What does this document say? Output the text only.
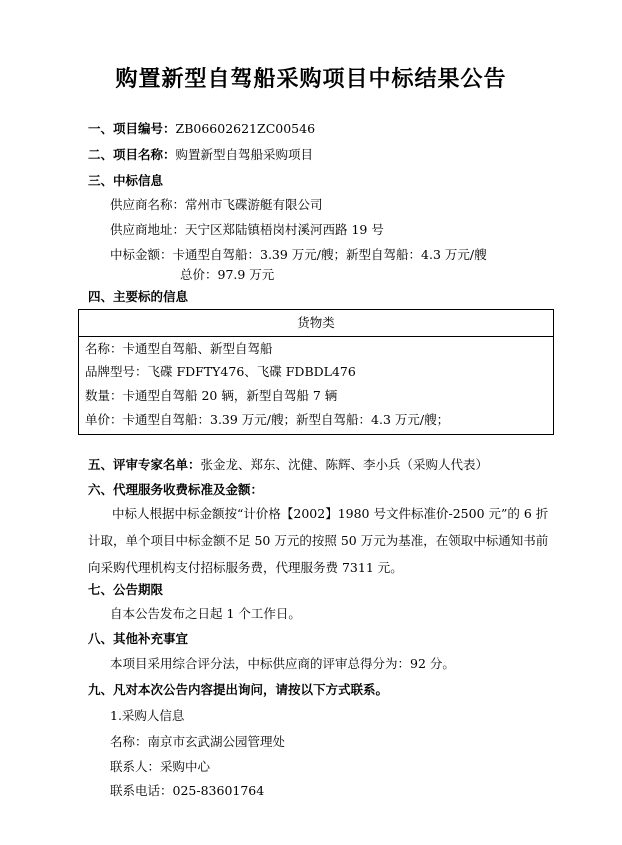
购置新型自驾船采购项目中标结果公告
一、项目编号：ZB06602621ZC00546
二、项目名称：购置新型自驾船采购项目
三、中标信息
供应商名称：常州市飞碟游艇有限公司
供应商地址：天宁区郑陆镇梧岗村溪河西路 19 号
中标金额：卡通型自驾船：3.39 万元/艘；新型自驾船：4.3 万元/艘
总价：97.9 万元
四、主要标的信息
货物类
名称：卡通型自驾船、新型自驾船
品牌型号：飞碟 FDFTY476、飞碟 FDBDL476
数量：卡通型自驾船 20 辆，新型自驾船 7 辆
单价：卡通型自驾船：3.39 万元/艘；新型自驾船：4.3 万元/艘；
五、评审专家名单：张金龙、郑东、沈健、陈辉、李小兵（采购人代表）
六、代理服务收费标准及金额：
中标人根据中标金额按“计价格【2002】1980 号文件标准价-2500 元”的 6 折计取，单个项目中标金额不足 50 万元的按照 50 万元为基准，在领取中标通知书前向采购代理机构支付招标服务费，代理服务费 7311 元。
七、公告期限
自本公告发布之日起 1 个工作日。
八、其他补充事宜
本项目采用综合评分法，中标供应商的评审总得分为：92 分。
九、凡对本次公告内容提出询问，请按以下方式联系。
1.采购人信息
名称：南京市玄武湖公园管理处
联系人：采购中心
联系电话：025-83601764
